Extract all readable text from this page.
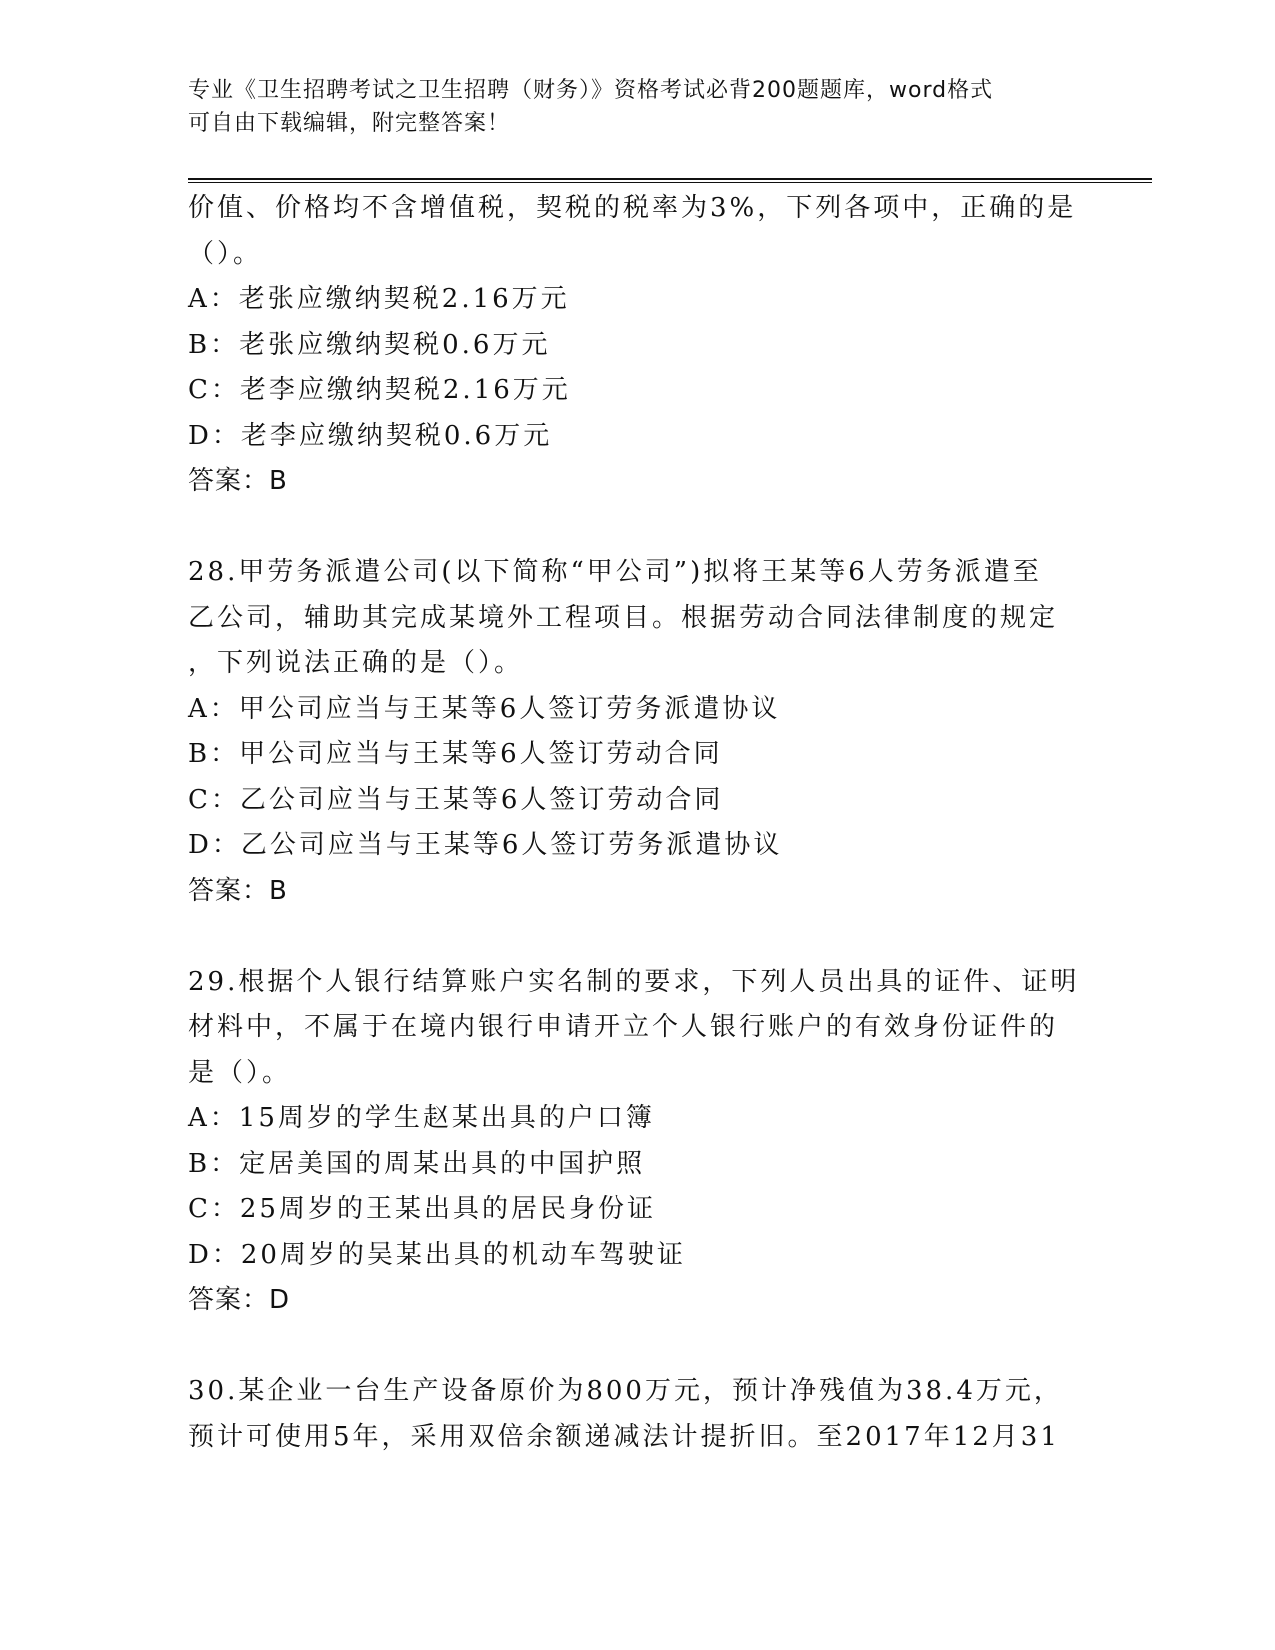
专业《卫生招聘考试之卫生招聘（财务）》资格考试必背200题题库，word格式
可自由下载编辑，附完整答案！
价值、价格均不含增值税，契税的税率为3%，下列各项中，正确的是
（）。
A：老张应缴纳契税2.16万元
B：老张应缴纳契税0.6万元
C：老李应缴纳契税2.16万元
D：老李应缴纳契税0.6万元
答案：B
28.甲劳务派遣公司(以下简称“甲公司”)拟将王某等6人劳务派遣至
乙公司，辅助其完成某境外工程项目。根据劳动合同法律制度的规定
，下列说法正确的是（）。
A：甲公司应当与王某等6人签订劳务派遣协议
B：甲公司应当与王某等6人签订劳动合同
C：乙公司应当与王某等6人签订劳动合同
D：乙公司应当与王某等6人签订劳务派遣协议
答案：B
29.根据个人银行结算账户实名制的要求，下列人员出具的证件、证明
材料中，不属于在境内银行申请开立个人银行账户的有效身份证件的
是（）。
A：15周岁的学生赵某出具的户口簿
B：定居美国的周某出具的中国护照
C：25周岁的王某出具的居民身份证
D：20周岁的吴某出具的机动车驾驶证
答案：D
30.某企业一台生产设备原价为800万元，预计净残值为38.4万元，
预计可使用5年，采用双倍余额递减法计提折旧。至2017年12月31
